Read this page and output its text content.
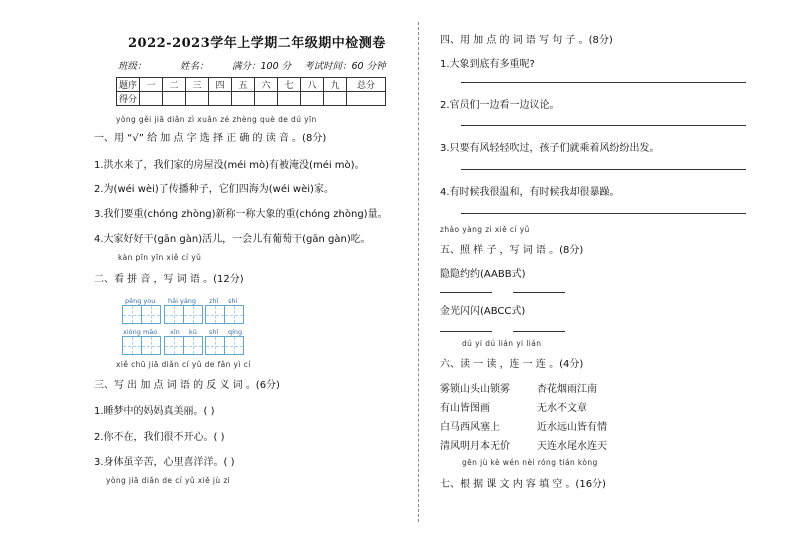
2022-2023学年上学期二年级期中检测卷
班级：	姓名： 满分：100 分 考试时间：60 分钟
题序	一	二	三	四	五	六	七	八	九	总分
得分										
yòng gěi jiā diǎn zì xuǎn zé zhèng què de dú yīn
一、用 “√” 给 加 点 字 选 择 正 确 的 读 音 。(8分)
1.洪水来了，我们家的房屋没(méi mò)有被淹没(méi mò)。
2.为(wéi wèi)了传播种子，它们四海为(wéi wèi)家。
3.我们要重(chóng zhòng)新称一称大象的重(chóng zhòng)量。
4.大家好好干(gān gàn)活儿，一会儿有葡萄干(gān gàn)吃。
kàn pīn yīn xiě cí yǔ
二、看 拼 音 ，写 词 语 。(12分)
pēng you hǎi yáng zhī shi
xióng māo xīn kǔ shī qíng
xiě chū jiā diǎn cí yǔ de fǎn yì cí
三、写 出 加 点 词 语 的 反 义 词 。(6分)
1.睡梦中的妈妈真美丽。( )
2.你不在，我们很不开心。( )
3.身体虽辛苦，心里喜洋洋。( )
yòng jiā diǎn de cí yǔ xiě jù zi
四、用 加 点 的 词 语 写 句 子 。(8分)
1.大象到底有多重呢?
2.官员们一边看一边议论。
3.只要有风轻轻吹过，孩子们就乘着风纷纷出发。
4.有时候我很温和，有时候我却很暴躁。
zhào yàng zi xiě cí yǔ
五、照 样 子 ，写 词 语 。(8分)
隐隐约约(AABB式)
金光闪闪(ABCC式)
dú yi dú lián yi lián
六、读 一 读 ，连 一 连 。(4分)
雾锁山头山锁雾	杏花烟雨江南
有山皆图画	无水不文章
白马西风塞上	近水远山皆有情
清风明月本无价	天连水尾水连天
gēn jù kè wén nèi róng tián kòng
七、根 据 课 文 内 容 填 空 。(16分)
